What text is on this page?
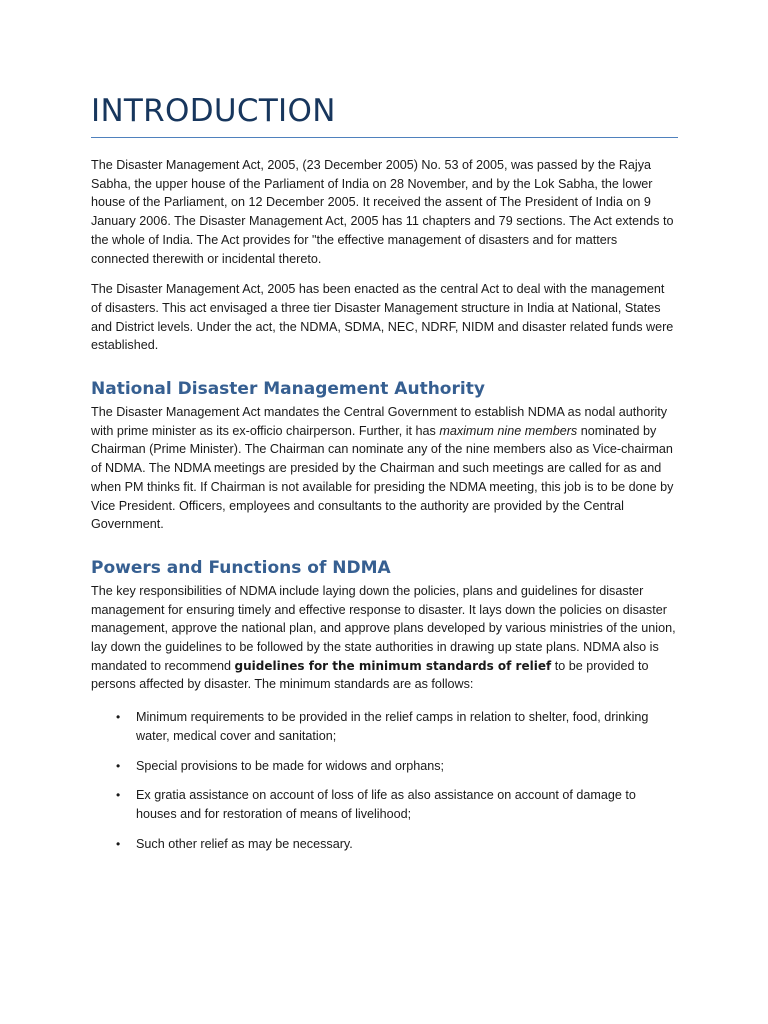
INTRODUCTION

The Disaster Management Act, 2005, (23 December 2005) No. 53 of 2005, was passed by the Rajya Sabha, the upper house of the Parliament of India on 28 November, and by the Lok Sabha, the lower house of the Parliament, on 12 December 2005. It received the assent of The President of India on 9 January 2006. The Disaster Management Act, 2005 has 11 chapters and 79 sections. The Act extends to the whole of India. The Act provides for "the effective management of disasters and for matters connected therewith or incidental thereto.

The Disaster Management Act, 2005 has been enacted as the central Act to deal with the management of disasters. This act envisaged a three tier Disaster Management structure in India at National, States and District levels. Under the act, the NDMA, SDMA, NEC, NDRF, NIDM and disaster related funds were established.

National Disaster Management Authority

The Disaster Management Act mandates the Central Government to establish NDMA as nodal authority with prime minister as its ex-officio chairperson. Further, it has maximum nine members nominated by Chairman (Prime Minister). The Chairman can nominate any of the nine members also as Vice-chairman of NDMA. The NDMA meetings are presided by the Chairman and such meetings are called for as and when PM thinks fit. If Chairman is not available for presiding the NDMA meeting, this job is to be done by Vice President. Officers, employees and consultants to the authority are provided by the Central Government.

Powers and Functions of NDMA

The key responsibilities of NDMA include laying down the policies, plans and guidelines for disaster management for ensuring timely and effective response to disaster. It lays down the policies on disaster management, approve the national plan, and approve plans developed by various ministries of the union, lay down the guidelines to be followed by the state authorities in drawing up state plans. NDMA also is mandated to recommend guidelines for the minimum standards of relief to be provided to persons affected by disaster. The minimum standards are as follows:

• Minimum requirements to be provided in the relief camps in relation to shelter, food, drinking water, medical cover and sanitation;
• Special provisions to be made for widows and orphans;
• Ex gratia assistance on account of loss of life as also assistance on account of damage to houses and for restoration of means of livelihood;
• Such other relief as may be necessary.
